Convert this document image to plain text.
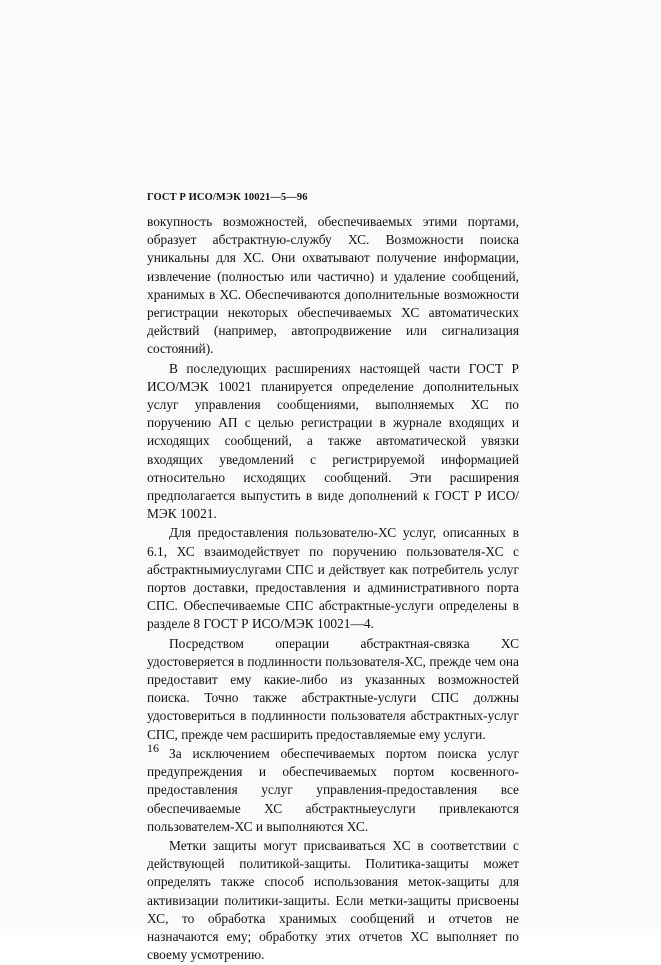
ГОСТ Р ИСО/МЭК 10021—5—96

вокупность возможностей, обеспечиваемых этими портами, образует абстрактную-службу ХС. Возможности поиска уникальны для ХС. Они охватывают получение информации, извлечение (полностью или частично) и удаление сообщений, хранимых в ХС. Обеспечиваются дополнительные возможности регистрации некоторых обеспечиваемых ХС автоматических действий (например, автопродвижение или сигнализация состояний).

В последующих расширениях настоящей части ГОСТ Р ИСО/МЭК 10021 планируется определение дополнительных услуг управления сообщениями, выполняемых ХС по поручению АП с целью регистрации в журнале входящих и исходящих сообщений, а также автоматической увязки входящих уведомлений с регистрируемой информацией относительно исходящих сообщений. Эти расширения предполагается выпустить в виде дополнений к ГОСТ Р ИСО/МЭК 10021.

Для предоставления пользователю-ХС услуг, описанных в 6.1, ХС взаимодействует по поручению пользователя-ХС с абстрактнымиуслугами СПС и действует как потребитель услуг портов доставки, предоставления и административного порта СПС. Обеспечиваемые СПС абстрактные-услуги определены в разделе 8 ГОСТ Р ИСО/МЭК 10021—4.

Посредством операции абстрактная-связка ХС удостоверяется в подлинности пользователя-ХС, прежде чем она предоставит ему какие-либо из указанных возможностей поиска. Точно также абстрактные-услуги СПС должны удостовериться в подлинности пользователя абстрактных-услуг СПС, прежде чем расширить предоставляемые ему услуги.

За исключением обеспечиваемых портом поиска услуг предупреждения и обеспечиваемых портом косвенного-предоставления услуг управления-предоставления все обеспечиваемые ХС абстрактныеуслуги привлекаются пользователем-ХС и выполняются ХС.

Метки защиты могут присваиваться ХС в соответствии с действующей политикой-защиты. Политика-защиты может определять также способ использования меток-защиты для активизации политики-защиты. Если метки-защиты присвоены ХС, то обработка хранимых сообщений и отчетов не назначаются ему; обработку этих отчетов ХС выполняет по своему усмотрению.

16
